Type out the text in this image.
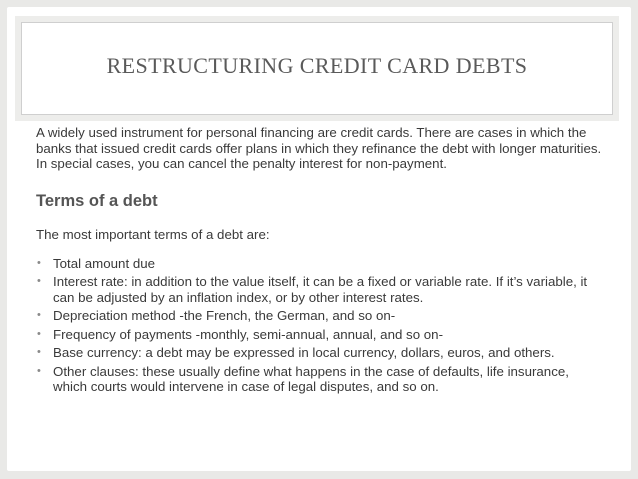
RESTRUCTURING CREDIT CARD DEBTS

A widely used instrument for personal financing are credit cards. There are cases in which the banks that issued credit cards offer plans in which they refinance the debt with longer maturities. In special cases, you can cancel the penalty interest for non-payment.

Terms of a debt

The most important terms of a debt are:

• Total amount due
• Interest rate: in addition to the value itself, it can be a fixed or variable rate. If it’s variable, it can be adjusted by an inflation index, or by other interest rates.
• Depreciation method -the French, the German, and so on-
• Frequency of payments -monthly, semi-annual, annual, and so on-
• Base currency: a debt may be expressed in local currency, dollars, euros, and others.
• Other clauses: these usually define what happens in the case of defaults, life insurance, which courts would intervene in case of legal disputes, and so on.
